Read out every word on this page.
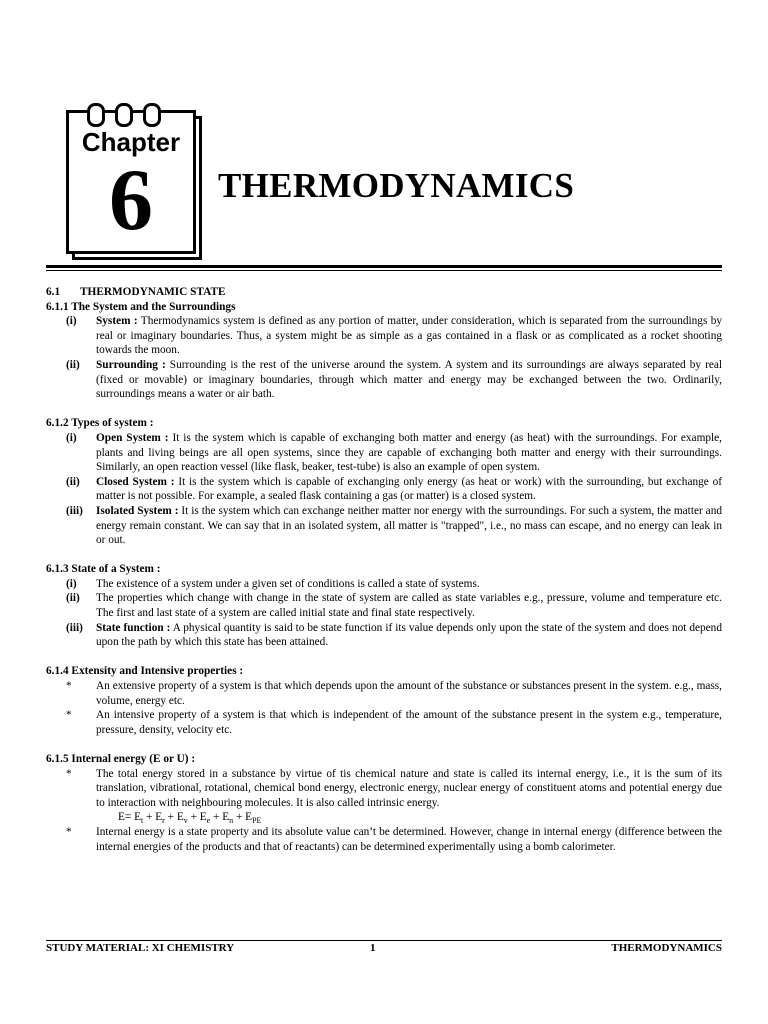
Chapter
6	THERMODYNAMICS
6.1	THERMODYNAMIC STATE
6.1.1 The System and the Surroundings
(i)	System : Thermodynamics system is defined as any portion of matter, under consideration, which is separated from the surroundings by real or imaginary boundaries. Thus, a system might be as simple as a gas contained in a flask or as complicated as a rocket shooting towards the moon.
(ii)	Surrounding : Surrounding is the rest of the universe around the system. A system and its surroundings are always separated by real (fixed or movable) or imaginary boundaries, through which matter and energy may be exchanged between the two. Ordinarily, surroundings means a water or air bath.
6.1.2 Types of system :
(i)	Open System : It is the system which is capable of exchanging both matter and energy (as heat) with the surroundings. For example, plants and living beings are all open systems, since they are capable of exchanging both matter and energy with their surroundings. Similarly, an open reaction vessel (like flask, beaker, test-tube) is also an example of open system.
(ii)	Closed System : It is the system which is capable of exchanging only energy (as heat or work) with the surrounding, but exchange of matter is not possible. For example, a sealed flask containing a gas (or matter) is a closed system.
(iii)	Isolated System : It is the system which can exchange neither matter nor energy with the surroundings. For such a system, the matter and energy remain constant. We can say that in an isolated system, all matter is "trapped", i.e., no mass can escape, and no energy can leak in or out.
6.1.3 State of a System :
(i)	The existence of a system under a given set of conditions is called a state of systems.
(ii)	The properties which change with change in the state of system are called as state variables e.g., pressure, volume and temperature etc. The first and last state of a system are called initial state and final state respectively.
(iii)	State function : A physical quantity is said to be state function if its value depends only upon the state of the system and does not depend upon the path by which this state has been attained.
6.1.4 Extensity and Intensive properties :
*	An extensive property of a system is that which depends upon the amount of the substance or substances present in the system. e.g., mass, volume, energy etc.
*	An intensive property of a system is that which is independent of the amount of the substance present in the system e.g., temperature, pressure, density, velocity etc.
6.1.5 Internal energy (E or U) :
*	The total energy stored in a substance by virtue of tis chemical nature and state is called its internal energy, i.e., it is the sum of its translation, vibrational, rotational, chemical bond energy, electronic energy, nuclear energy of constituent atoms and potential energy due to interaction with neighbouring molecules. It is also called intrinsic energy.
$E= E_t + E_r + E_v + E_e + E_n + E_{PE}$
*	Internal energy is a state property and its absolute value can’t be determined. However, change in internal energy (difference between the internal energies of the products and that of reactants) can be determined experimentally using a bomb calorimeter.
STUDY MATERIAL: XI CHEMISTRY	1	THERMODYNAMICS
